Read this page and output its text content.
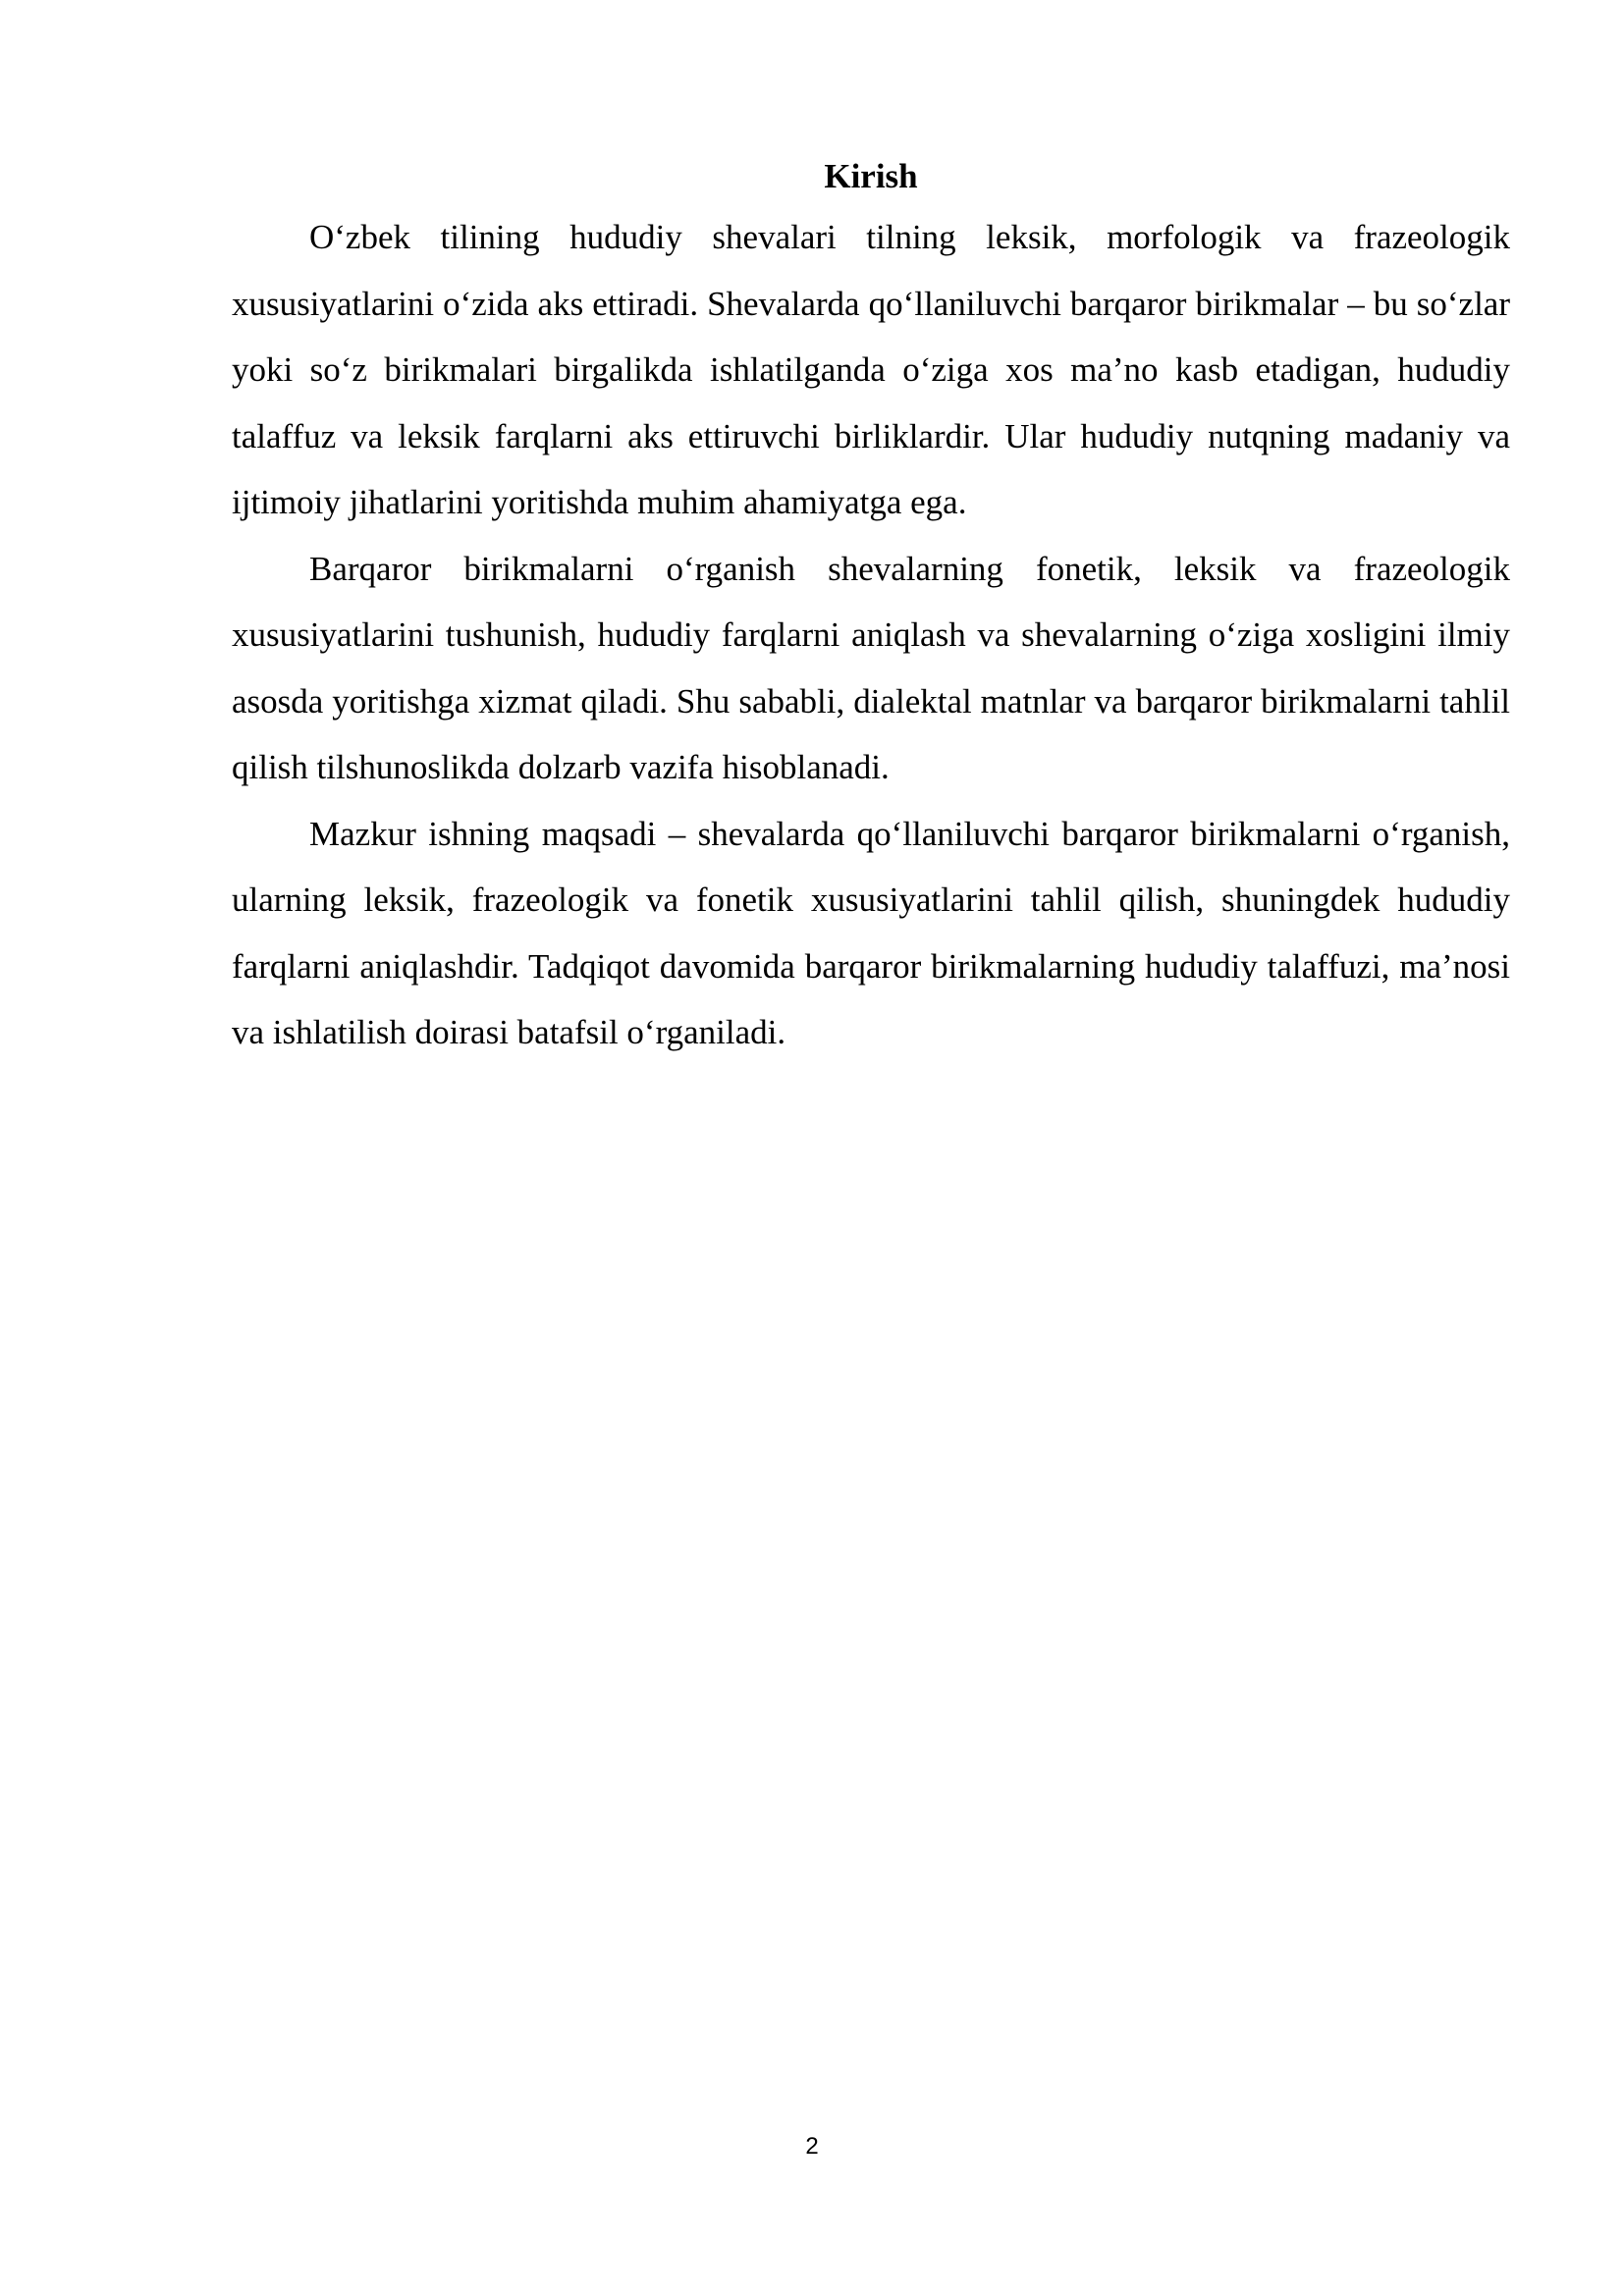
Kirish

O‘zbek tilining hududiy shevalari tilning leksik, morfologik va frazeologik xususiyatlarini o‘zida aks ettiradi. Shevalarda qo‘llaniluvchi barqaror birikmalar – bu so‘zlar yoki so‘z birikmalari birgalikda ishlatilganda o‘ziga xos ma’no kasb etadigan, hududiy talaffuz va leksik farqlarni aks ettiruvchi birliklardir. Ular hududiy nutqning madaniy va ijtimoiy jihatlarini yoritishda muhim ahamiyatga ega.

Barqaror birikmalarni o‘rganish shevalarning fonetik, leksik va frazeologik xususiyatlarini tushunish, hududiy farqlarni aniqlash va shevalarning o‘ziga xosligini ilmiy asosda yoritishga xizmat qiladi. Shu sababli, dialektal matnlar va barqaror birikmalarni tahlil qilish tilshunoslikda dolzarb vazifa hisoblanadi.

Mazkur ishning maqsadi – shevalarda qo‘llaniluvchi barqaror birikmalarni o‘rganish, ularning leksik, frazeologik va fonetik xususiyatlarini tahlil qilish, shuningdek hududiy farqlarni aniqlashdir. Tadqiqot davomida barqaror birikmalarning hududiy talaffuzi, ma’nosi va ishlatilish doirasi batafsil o‘rganiladi.

2
